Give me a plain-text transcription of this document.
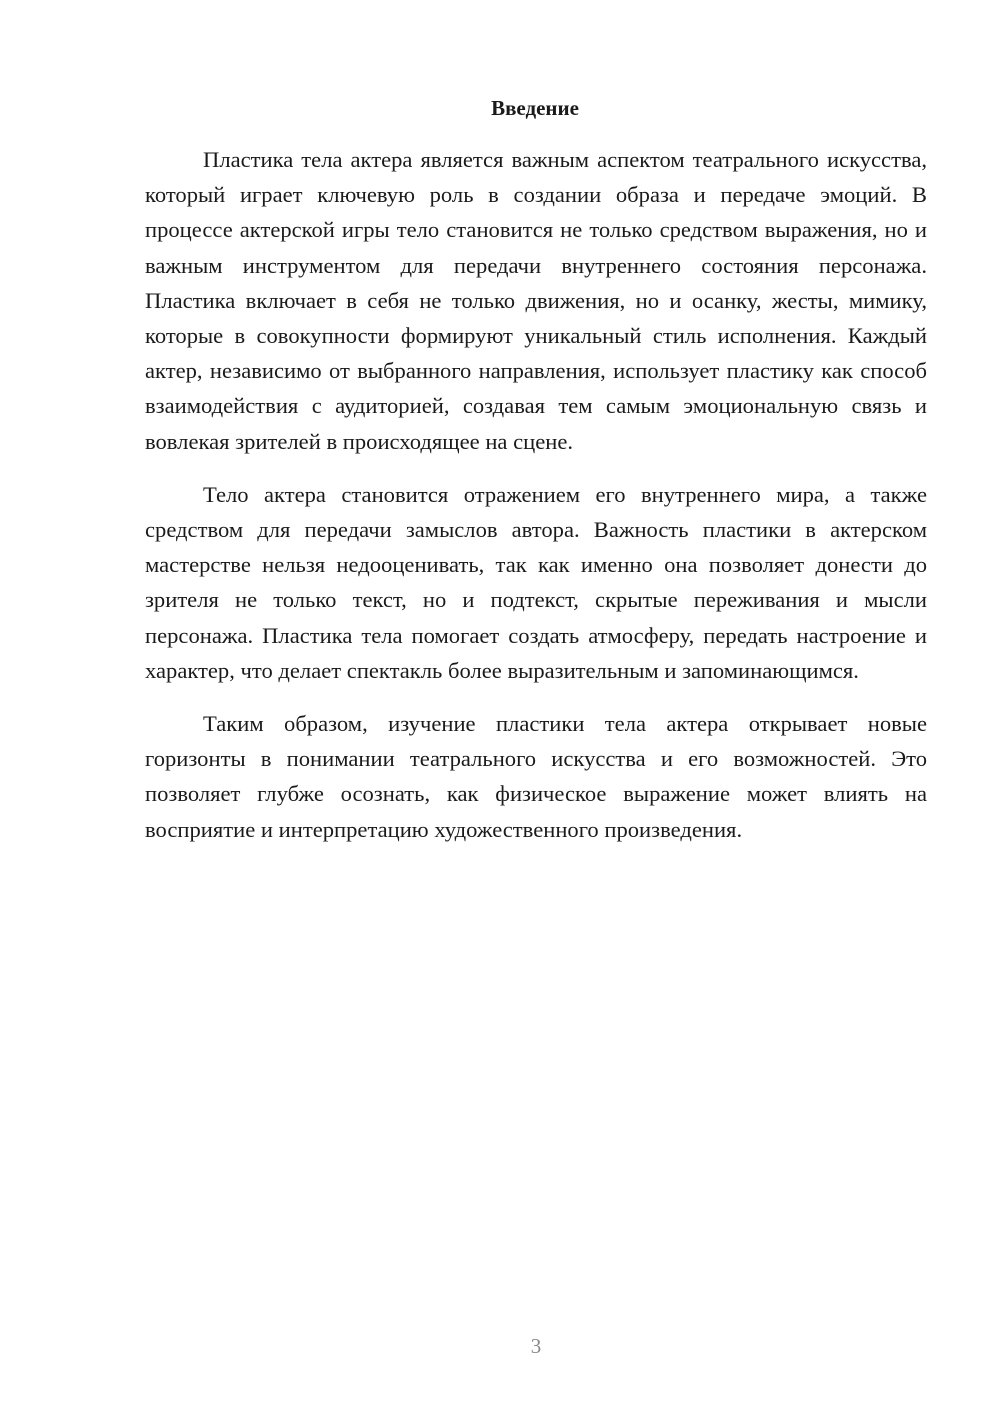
Введение

Пластика тела актера является важным аспектом театрального искусства, который играет ключевую роль в создании образа и передаче эмоций. В процессе актерской игры тело становится не только средством выражения, но и важным инструментом для передачи внутреннего состояния персонажа. Пластика включает в себя не только движения, но и осанку, жесты, мимику, которые в совокупности формируют уникальный стиль исполнения. Каждый актер, независимо от выбранного направления, использует пластику как способ взаимодействия с аудиторией, создавая тем самым эмоциональную связь и вовлекая зрителей в происходящее на сцене.

Тело актера становится отражением его внутреннего мира, а также средством для передачи замыслов автора. Важность пластики в актерском мастерстве нельзя недооценивать, так как именно она позволяет донести до зрителя не только текст, но и подтекст, скрытые переживания и мысли персонажа. Пластика тела помогает создать атмосферу, передать настроение и характер, что делает спектакль более выразительным и запоминающимся.

Таким образом, изучение пластики тела актера открывает новые горизонты в понимании театрального искусства и его возможностей. Это позволяет глубже осознать, как физическое выражение может влиять на восприятие и интерпретацию художественного произведения.

3
